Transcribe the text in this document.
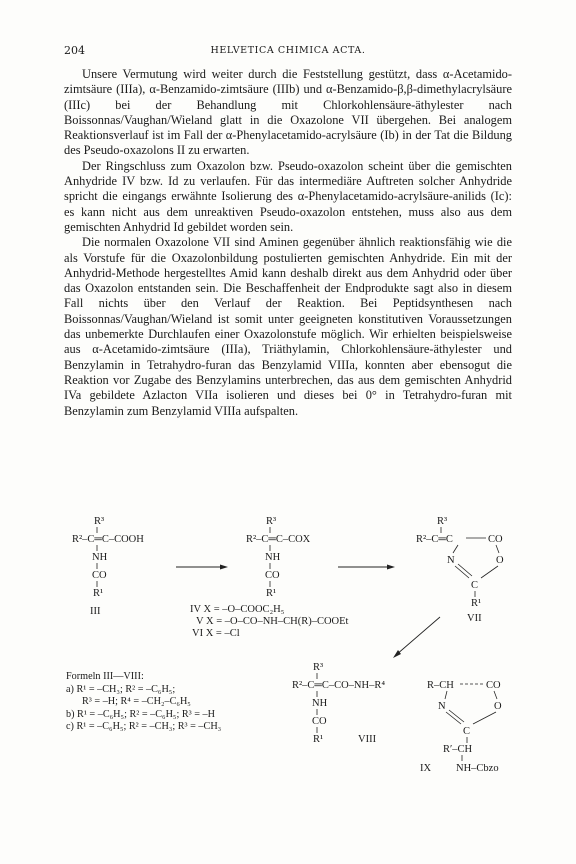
204	HELVETICA CHIMICA ACTA.

Unsere Vermutung wird weiter durch die Feststellung gestützt, dass α-Acetamido-zimtsäure (IIIa), α-Benzamido-zimtsäure (IIIb) und α-Benzamido-β,β-dimethylacrylsäure (IIIc) bei der Behandlung mit Chlorkohlensäure-äthylester nach Boissonnas/Vaughan/Wieland glatt in die Oxazolone VII übergehen. Bei analogem Reaktionsverlauf ist im Fall der α-Phenylacetamido-acrylsäure (Ib) in der Tat die Bildung des Pseudo-oxazolons II zu erwarten.

Der Ringschluss zum Oxazolon bzw. Pseudo-oxazolon scheint über die gemischten Anhydride IV bzw. Id zu verlaufen. Für das intermediäre Auftreten solcher Anhydride spricht die eingangs erwähnte Isolierung des α-Phenylacetamido-acrylsäure-anilids (Ic): es kann nicht aus dem unreaktiven Pseudo-oxazolon entstehen, muss also aus dem gemischten Anhydrid Id gebildet worden sein.

Die normalen Oxazolone VII sind Aminen gegenüber ähnlich reaktionsfähig wie die als Vorstufe für die Oxazolonbildung postulierten gemischten Anhydride. Ein mit der Anhydrid-Methode hergestelltes Amid kann deshalb direkt aus dem Anhydrid oder über das Oxazolon entstanden sein. Die Beschaffenheit der Endprodukte sagt also in diesem Fall nichts über den Verlauf der Reaktion. Bei Peptidsynthesen nach Boissonnas/Vaughan/Wieland ist somit unter geeigneten konstitutiven Voraussetzungen das unbemerkte Durchlaufen einer Oxazolonstufe möglich. Wir erhielten beispielsweise aus α-Acetamido-zimtsäure (IIIa), Triäthylamin, Chlorkohlensäure-äthylester und Benzylamin in Tetrahydro-furan das Benzylamid VIIIa, konnten aber ebensogut die Reaktion vor Zugabe des Benzylamins unterbrechen, das aus dem gemischten Anhydrid IVa gebildete Azlacton VIIa isolieren und dieses bei 0° in Tetrahydro-furan mit Benzylamin zum Benzylamid VIIIa aufspalten.

R³
R²–C═C–COOH
NH
CO
R¹
III
R³
R²–C═C–COX
NH
CO
R¹
IV X = –O–COOC₂H₅
V X = –O–CO–NH–CH(R)–COOEt
VI X = –Cl
R³
R²–C═C	CO
N	O
C
R¹
VII
R³
R²–C═C–CO–NH–R⁴
NH
CO
R¹	VIII
R–CH	CO
N	O
C
R′–CH
IX NH–Cbzo
Formeln III—VIII:
a) R¹ = –CH₃; R² = –C₆H₅;
R³ = –H; R⁴ = –CH₂–C₆H₅
b) R¹ = –C₆H₅; R² = –C₆H₅; R³ = –H
c) R¹ = –C₆H₅; R² = –CH₃; R³ = –CH₃
